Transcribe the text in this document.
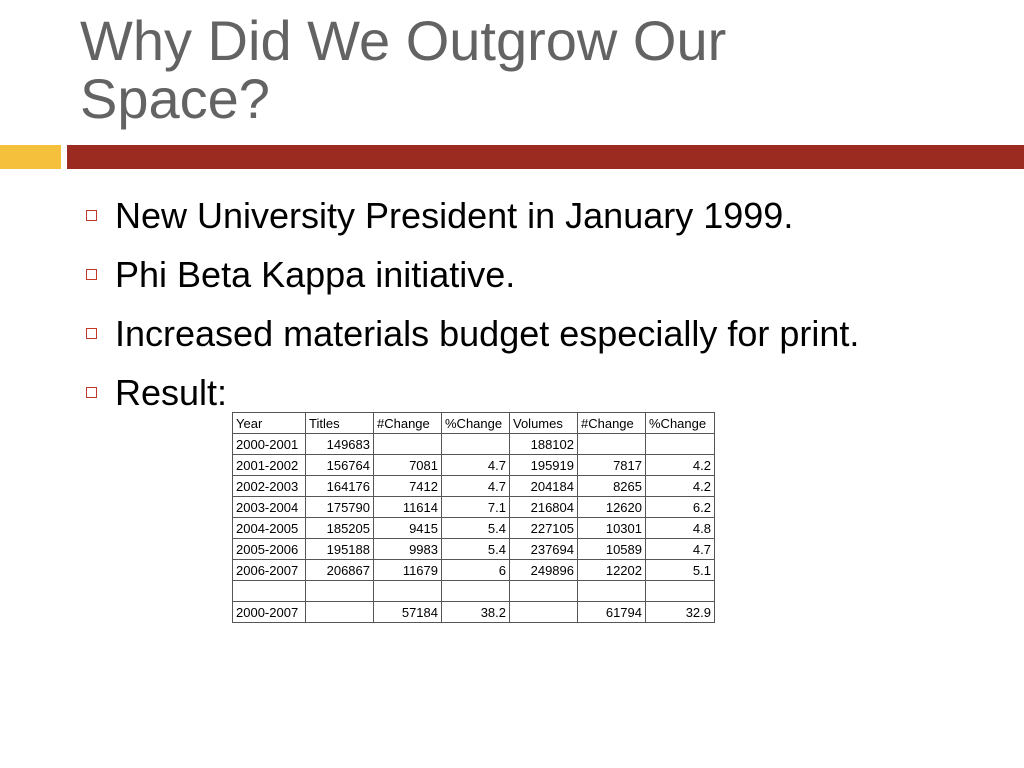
Why Did We Outgrow Our
Space?
New University President in January 1999.
Phi Beta Kappa initiative.
Increased materials budget especially for print.
Result:
Year	Titles	#Change	%Change	Volumes	#Change	%Change
2000-2001	149683			188102		
2001-2002	156764	7081	4.7	195919	7817	4.2
2002-2003	164176	7412	4.7	204184	8265	4.2
2003-2004	175790	11614	7.1	216804	12620	6.2
2004-2005	185205	9415	5.4	227105	10301	4.8
2005-2006	195188	9983	5.4	237694	10589	4.7
2006-2007	206867	11679	6	249896	12202	5.1

2000-2007		57184	38.2		61794	32.9
